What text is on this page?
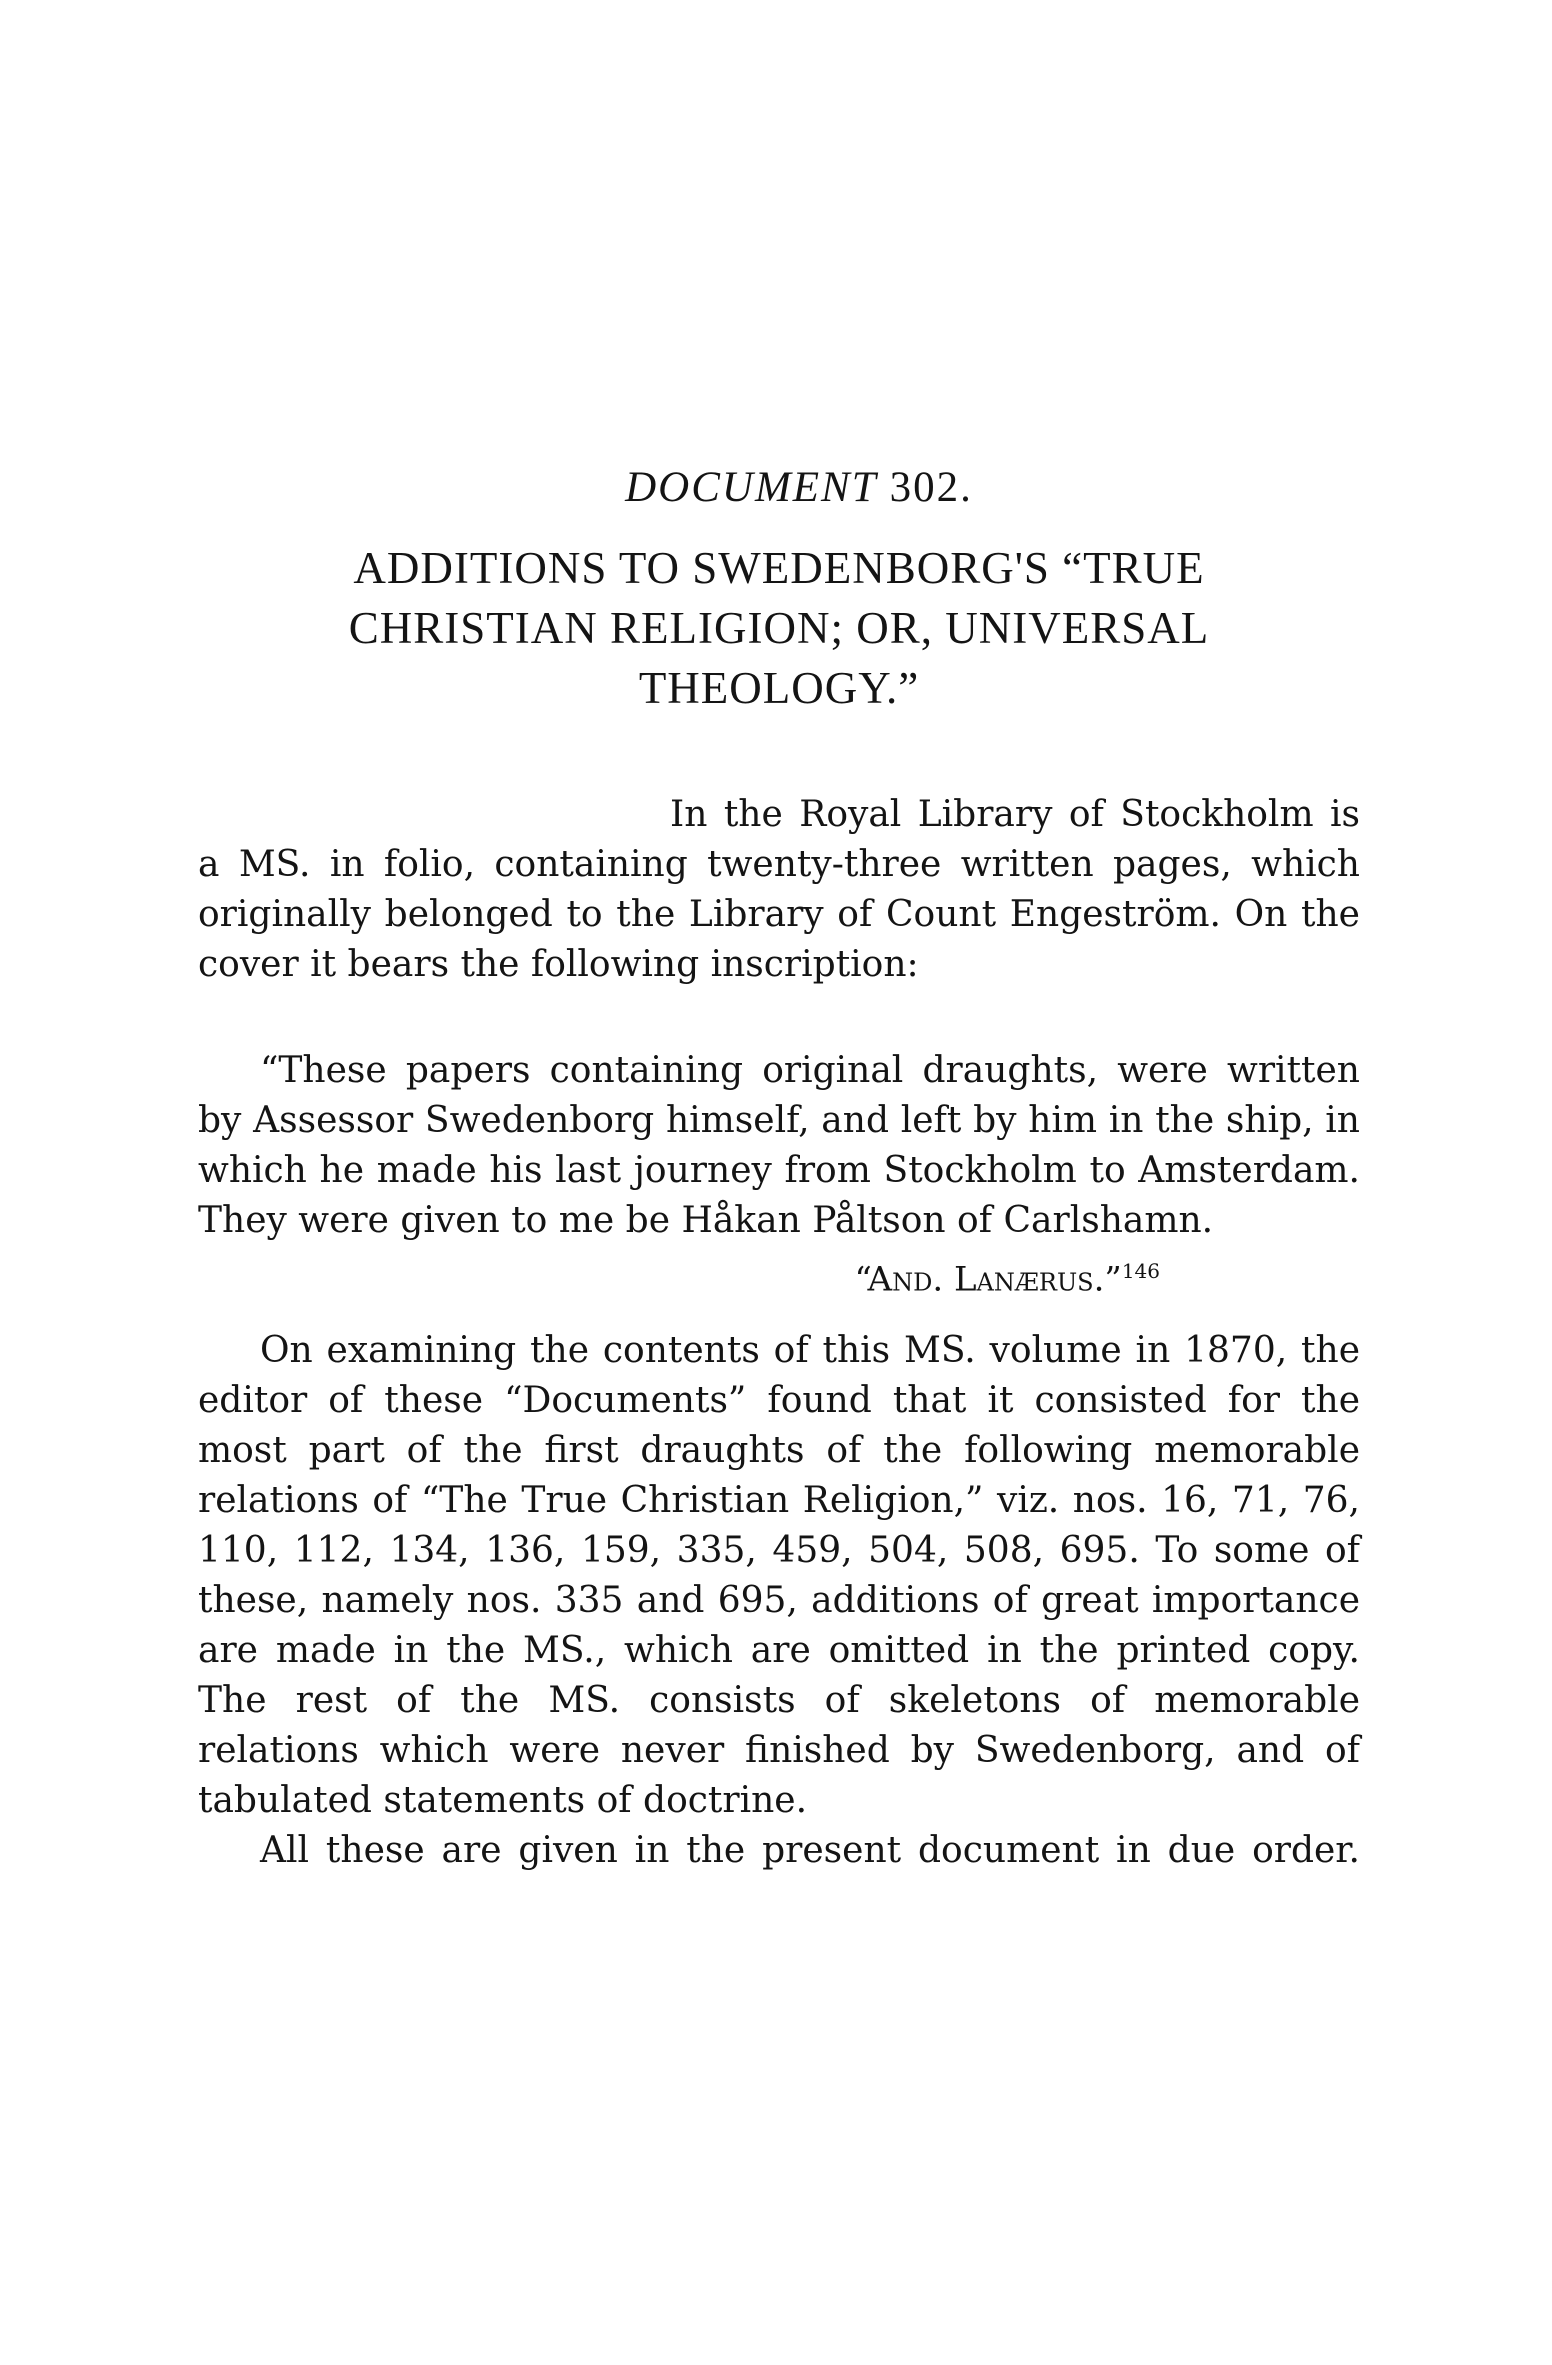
DOCUMENT 302.
ADDITIONS TO SWEDENBORG'S “TRUE
CHRISTIAN RELIGION; OR, UNIVERSAL
THEOLOGY.”

In the Royal Library of Stockholm is a MS. in folio, containing twenty-three written pages, which originally belonged to the Library of Count Engeström. On the cover it bears the following inscription:

“These papers containing original draughts, were written by Assessor Swedenborg himself, and left by him in the ship, in which he made his last journey from Stockholm to Amsterdam. They were given to me be Håkan Påltson of Carlshamn.

“And. Lanærus.”$^{146}$

On examining the contents of this MS. volume in 1870, the editor of these “Documents” found that it consisted for the most part of the first draughts of the following memorable relations of “The True Christian Religion,” viz. nos. 16, 71, 76, 110, 112, 134, 136, 159, 335, 459, 504, 508, 695. To some of these, namely nos. 335 and 695, additions of great importance are made in the MS., which are omitted in the printed copy. The rest of the MS. consists of skeletons of memorable relations which were never finished by Swedenborg, and of tabulated statements of doctrine.

All these are given in the present document in due order.
